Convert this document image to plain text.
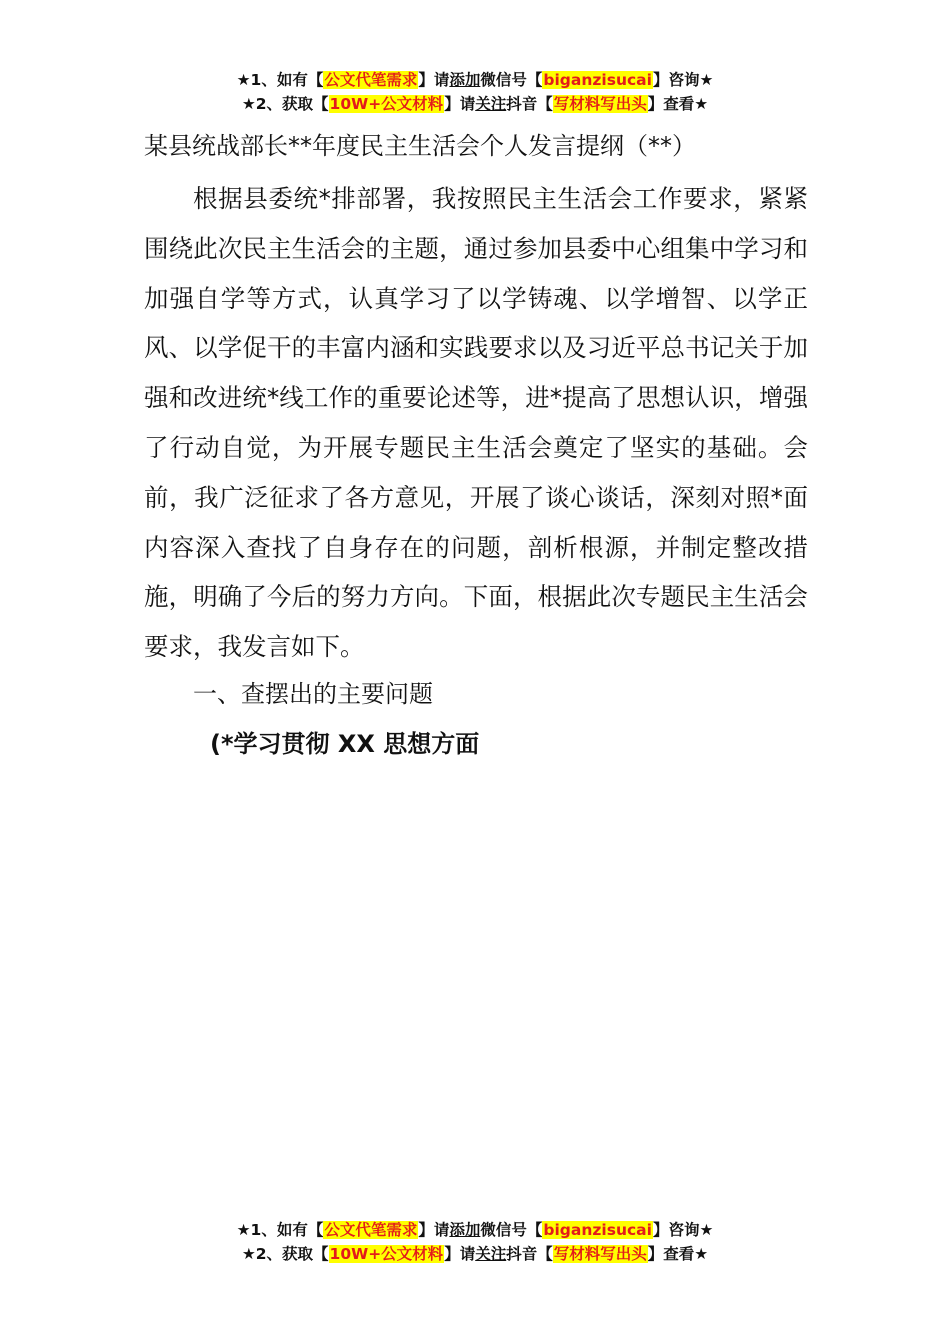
★1、如有【公文代笔需求】请添加微信号【biganzisucai】咨询★
★2、获取【10W+公文材料】请关注抖音【写材料写出头】查看★
某县统战部长**年度民主生活会个人发言提纲（**）

根据县委统*排部署，我按照民主生活会工作要求，紧紧围绕此次民主生活会的主题，通过参加县委中心组集中学习和加强自学等方式，认真学习了以学铸魂、以学增智、以学正风、以学促干的丰富内涵和实践要求以及习近平总书记关于加强和改进统*线工作的重要论述等，进*提高了思想认识，增强了行动自觉，为开展专题民主生活会奠定了坚实的基础。会前，我广泛征求了各方意见，开展了谈心谈话，深刻对照*面内容深入查找了自身存在的问题，剖析根源，并制定整改措施，明确了今后的努力方向。下面，根据此次专题民主生活会要求，我发言如下。

一、查摆出的主要问题
(*学习贯彻 XX 思想方面
★1、如有【公文代笔需求】请添加微信号【biganzisucai】咨询★
★2、获取【10W+公文材料】请关注抖音【写材料写出头】查看★
